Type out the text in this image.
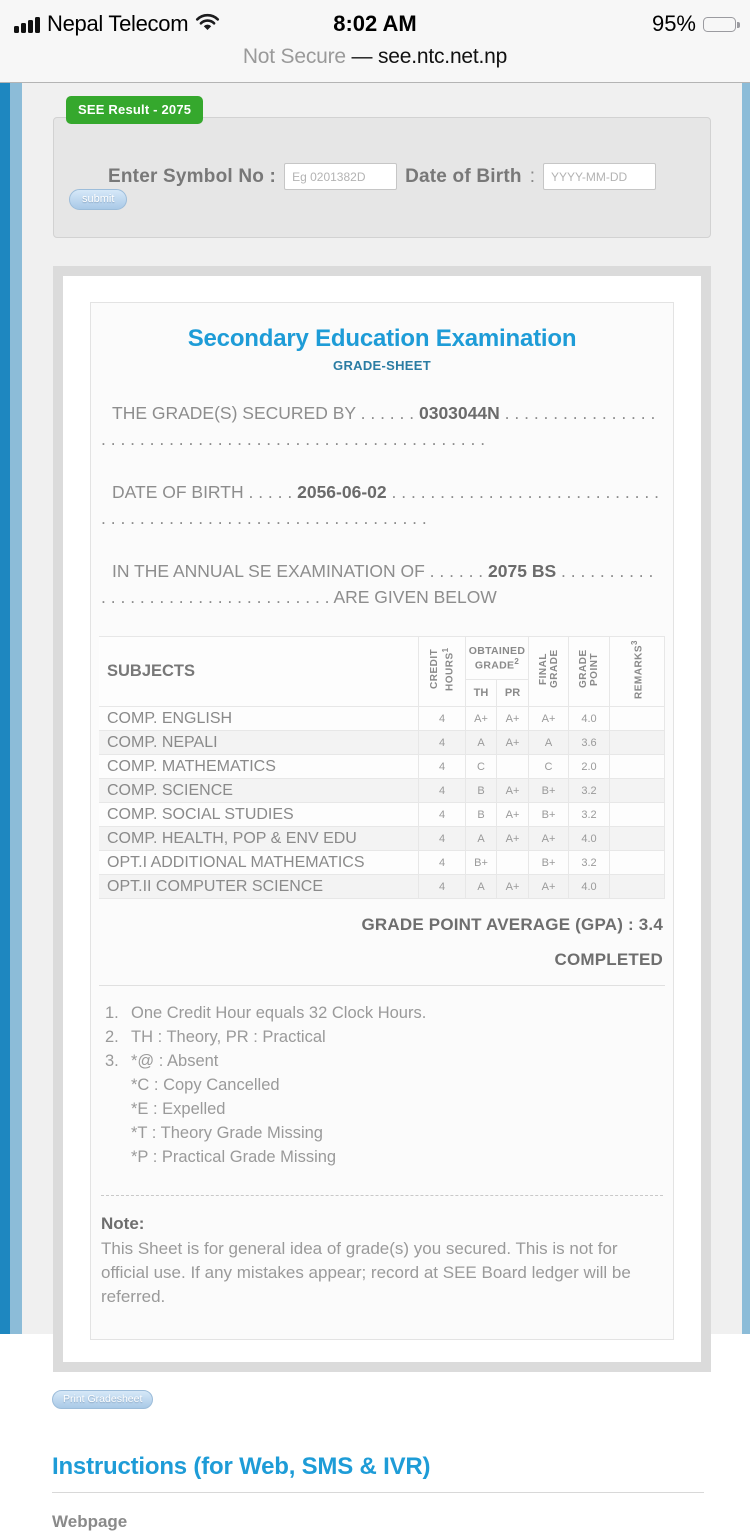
8:02 AM
Nepal Telecom	95%
Not Secure — see.ntc.net.np
SEE Result - 2075
Enter Symbol No :
Eg 0201382D	Date of Birth :
YYYY-MM-DD
submit
Secondary Education Examination
GRADE-SHEET
THE GRADE(S) SECURED BY . . . . . . 0303044N . . . . . . . . . . . . . . . . . . . . . . . . . . . . . . . . . . . . . . . . . . . . . . . . . . . . . . . .
DATE OF BIRTH . . . . . 2056-06-02 . . . . . . . . . . . . . . . . . . . . . . . . . . . . . . . . . . . . . . . . . . . . . . . . . . . . . . . . . . . . . .
IN THE ANNUAL SE EXAMINATION OF . . . . . . 2075 BS . . . . . . . . . . . . . . . . . . . . . . . . . . . . . . . . . . ARE GIVEN BELOW
SUBJECTS	CREDIT HOURS$^1$	OBTAINED GRADE$^2$		FINAL GRADE	GRADE POINT	REMARKS$^3$
		TH	PR			
COMP. ENGLISH	4	A+	A+	A+	4.0	
COMP. NEPALI	4	A	A+	A	3.6	
COMP. MATHEMATICS	4	C		C	2.0	
COMP. SCIENCE	4	B	A+	B+	3.2	
COMP. SOCIAL STUDIES	4	B	A+	B+	3.2	
COMP. HEALTH, POP & ENV EDU	4	A	A+	A+	4.0	
OPT.I ADDITIONAL MATHEMATICS	4	B+		B+	3.2	
OPT.II COMPUTER SCIENCE	4	A	A+	A+	4.0	
GRADE POINT AVERAGE (GPA) : 3.4
COMPLETED
1. One Credit Hour equals 32 Clock Hours.
2. TH : Theory, PR : Practical
3. *@ : Absent
*C : Copy Cancelled
*E : Expelled
*T : Theory Grade Missing
*P : Practical Grade Missing
Note:
This Sheet is for general idea of grade(s) you secured. This is not for official use. If any mistakes appear; record at SEE Board ledger will be referred.
Print Gradesheet
Instructions (for Web, SMS & IVR)
Webpage
